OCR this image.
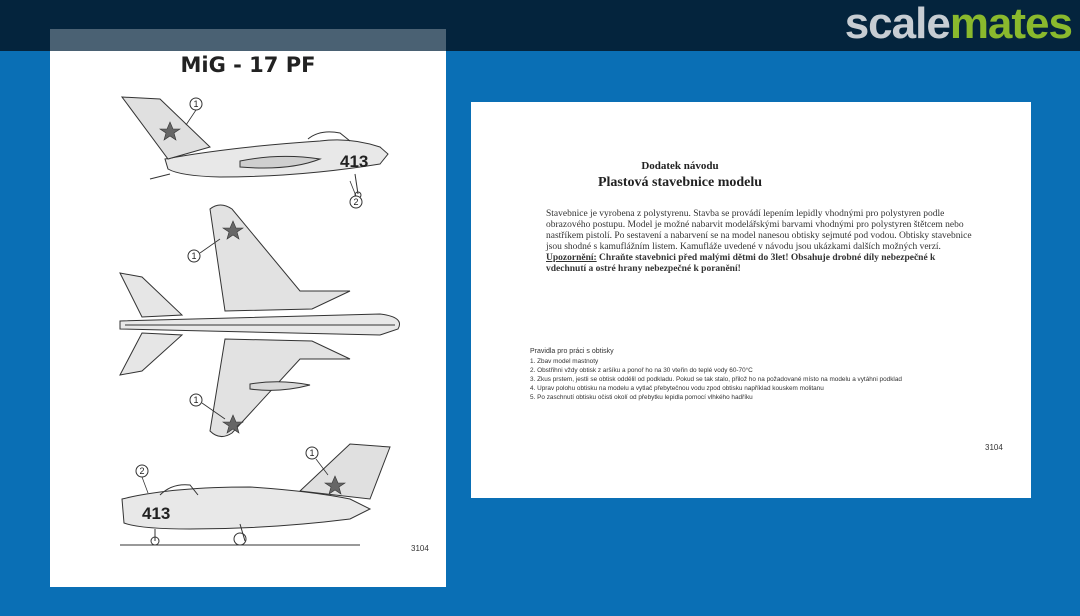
scalemates
MiG - 17 PF
1
2
1
1
2
1
413
413
3104
Dodatek návodu
Plastová stavebnice modelu
Stavebnice je vyrobena z polystyrenu. Stavba se provádí lepením lepidly vhodnými pro polystyren podle obrazového postupu. Model je možné nabarvit modelářskými barvami vhodnými pro polystyren štětcem nebo nastříkem pistolí. Po sestavení a nabarvení se na model nanesou obtisky sejmuté pod vodou. Obtisky stavebnice jsou shodné s kamuflážním listem. Kamufláže uvedené v návodu jsou ukázkami dalších možných verzí. Upozornění: Chraňte stavebnici před malými dětmi do 3let! Obsahuje drobné díly nebezpečné k vdechnutí a ostré hrany nebezpečné k poranění!
Pravidla pro práci s obtisky
1. Zbav model mastnoty
2. Obstřihni vždy obtisk z aršíku a ponoř ho na 30 vteřin do teplé vody 60-70°C
3. Zkus prstem, jestli se obtisk oddělil od podkladu. Pokud se tak stalo, přilož ho na požadované místo na modelu a vytáhni podklad
4. Uprav polohu obtisku na modelu a vytlač přebytečnou vodu zpod obtisku například kouskem molitanu
5. Po zaschnutí obtisku očisti okolí od přebytku lepidla pomocí vlhkého hadříku
3104
